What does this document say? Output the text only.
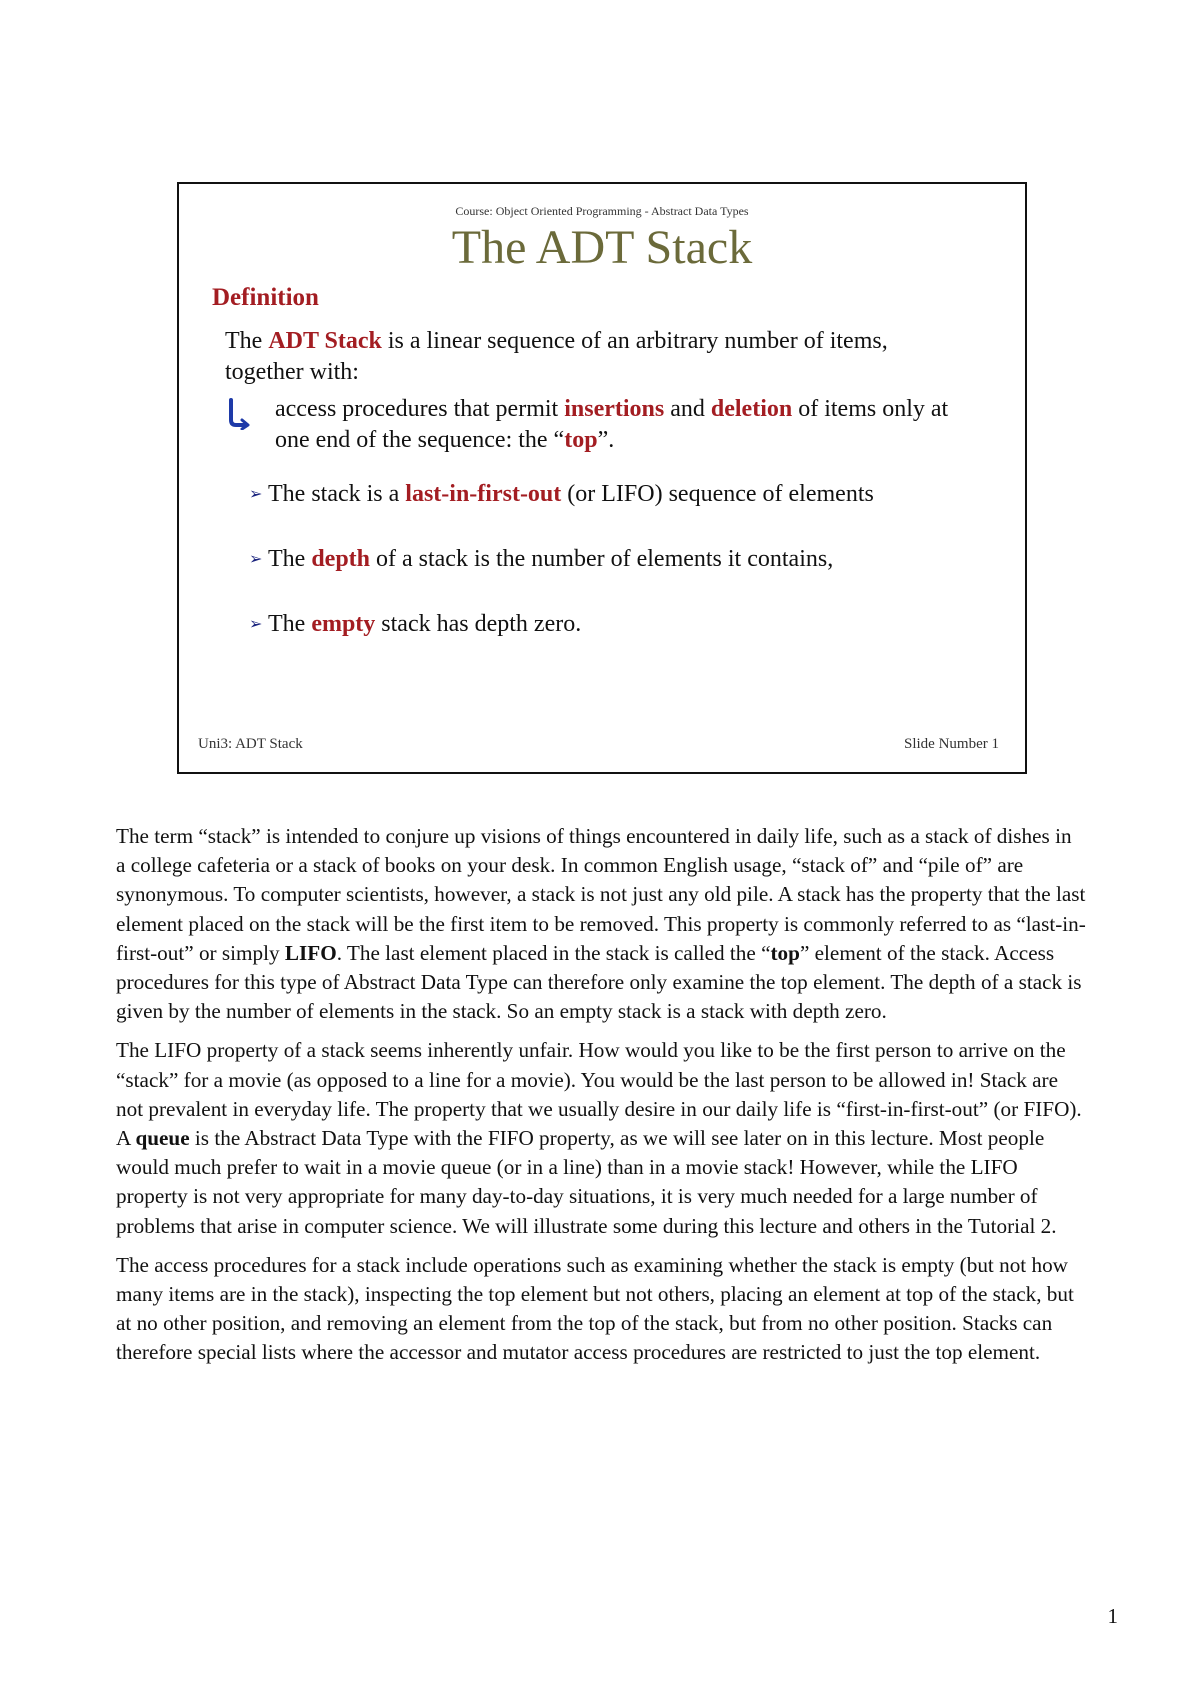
Course: Object Oriented Programming - Abstract Data Types
The ADT Stack
Definition
The ADT Stack is a linear sequence of an arbitrary number of items, together with:
access procedures that permit insertions and deletion of items only at one end of the sequence: the “top”.
➢ The stack is a last-in-first-out (or LIFO) sequence of elements
➢ The depth of a stack is the number of elements it contains,
➢ The empty stack has depth zero.
Uni3: ADT Stack	Slide Number 1

The term “stack” is intended to conjure up visions of things encountered in daily life, such as a stack of dishes in a college cafeteria or a stack of books on your desk. In common English usage, “stack of” and “pile of” are synonymous. To computer scientists, however, a stack is not just any old pile. A stack has the property that the last element placed on the stack will be the first item to be removed. This property is commonly referred to as “last-in-first-out” or simply LIFO. The last element placed in the stack is called the “top” element of the stack. Access procedures for this type of Abstract Data Type can therefore only examine the top element. The depth of a stack is given by the number of elements in the stack. So an empty stack is a stack with depth zero.

The LIFO property of a stack seems inherently unfair. How would you like to be the first person to arrive on the “stack” for a movie (as opposed to a line for a movie). You would be the last person to be allowed in! Stack are not prevalent in everyday life. The property that we usually desire in our daily life is “first-in-first-out” (or FIFO). A queue is the Abstract Data Type with the FIFO property, as we will see later on in this lecture. Most people would much prefer to wait in a movie queue (or in a line) than in a movie stack! However, while the LIFO property is not very appropriate for many day-to-day situations, it is very much needed for a large number of problems that arise in computer science. We will illustrate some during this lecture and others in the Tutorial 2.

The access procedures for a stack include operations such as examining whether the stack is empty (but not how many items are in the stack), inspecting the top element but not others, placing an element at top of the stack, but at no other position, and removing an element from the top of the stack, but from no other position. Stacks can therefore special lists where the accessor and mutator access procedures are restricted to just the top element.

1
